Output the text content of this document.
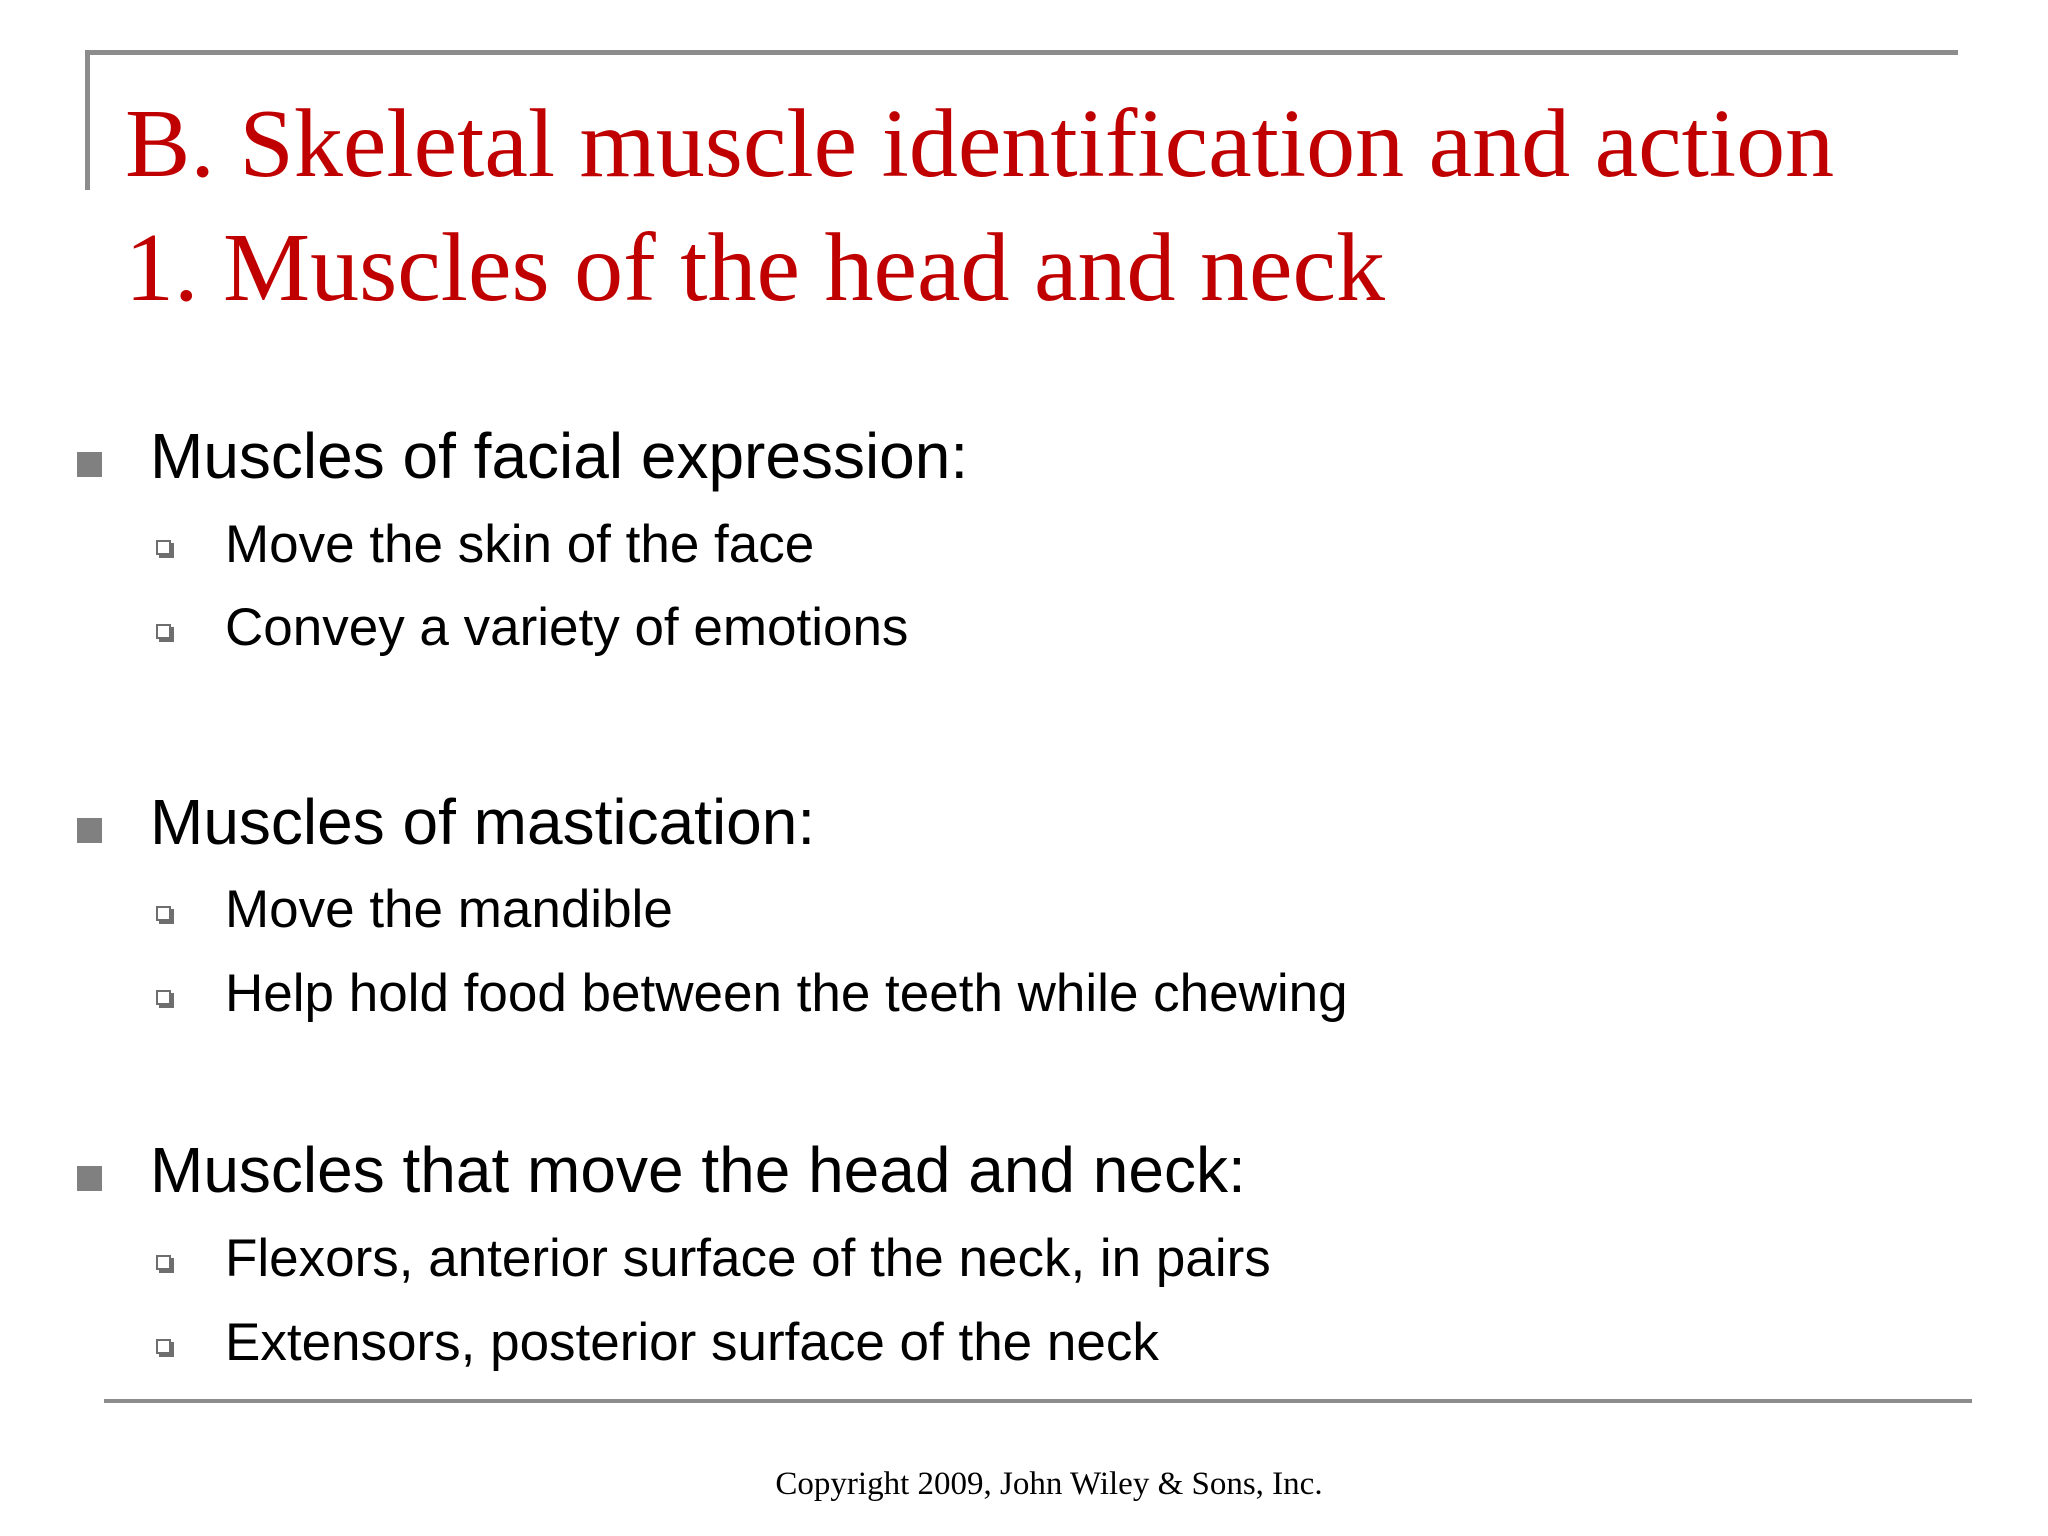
B. Skeletal muscle identification and action
1. Muscles of the head and neck
Muscles of facial expression:
Move the skin of the face
Convey a variety of emotions
Muscles of mastication:
Move the mandible
Help hold food between the teeth while chewing
Muscles that move the head and neck:
Flexors, anterior surface of the neck, in pairs
Extensors, posterior surface of the neck
Copyright 2009, John Wiley & Sons, Inc.
